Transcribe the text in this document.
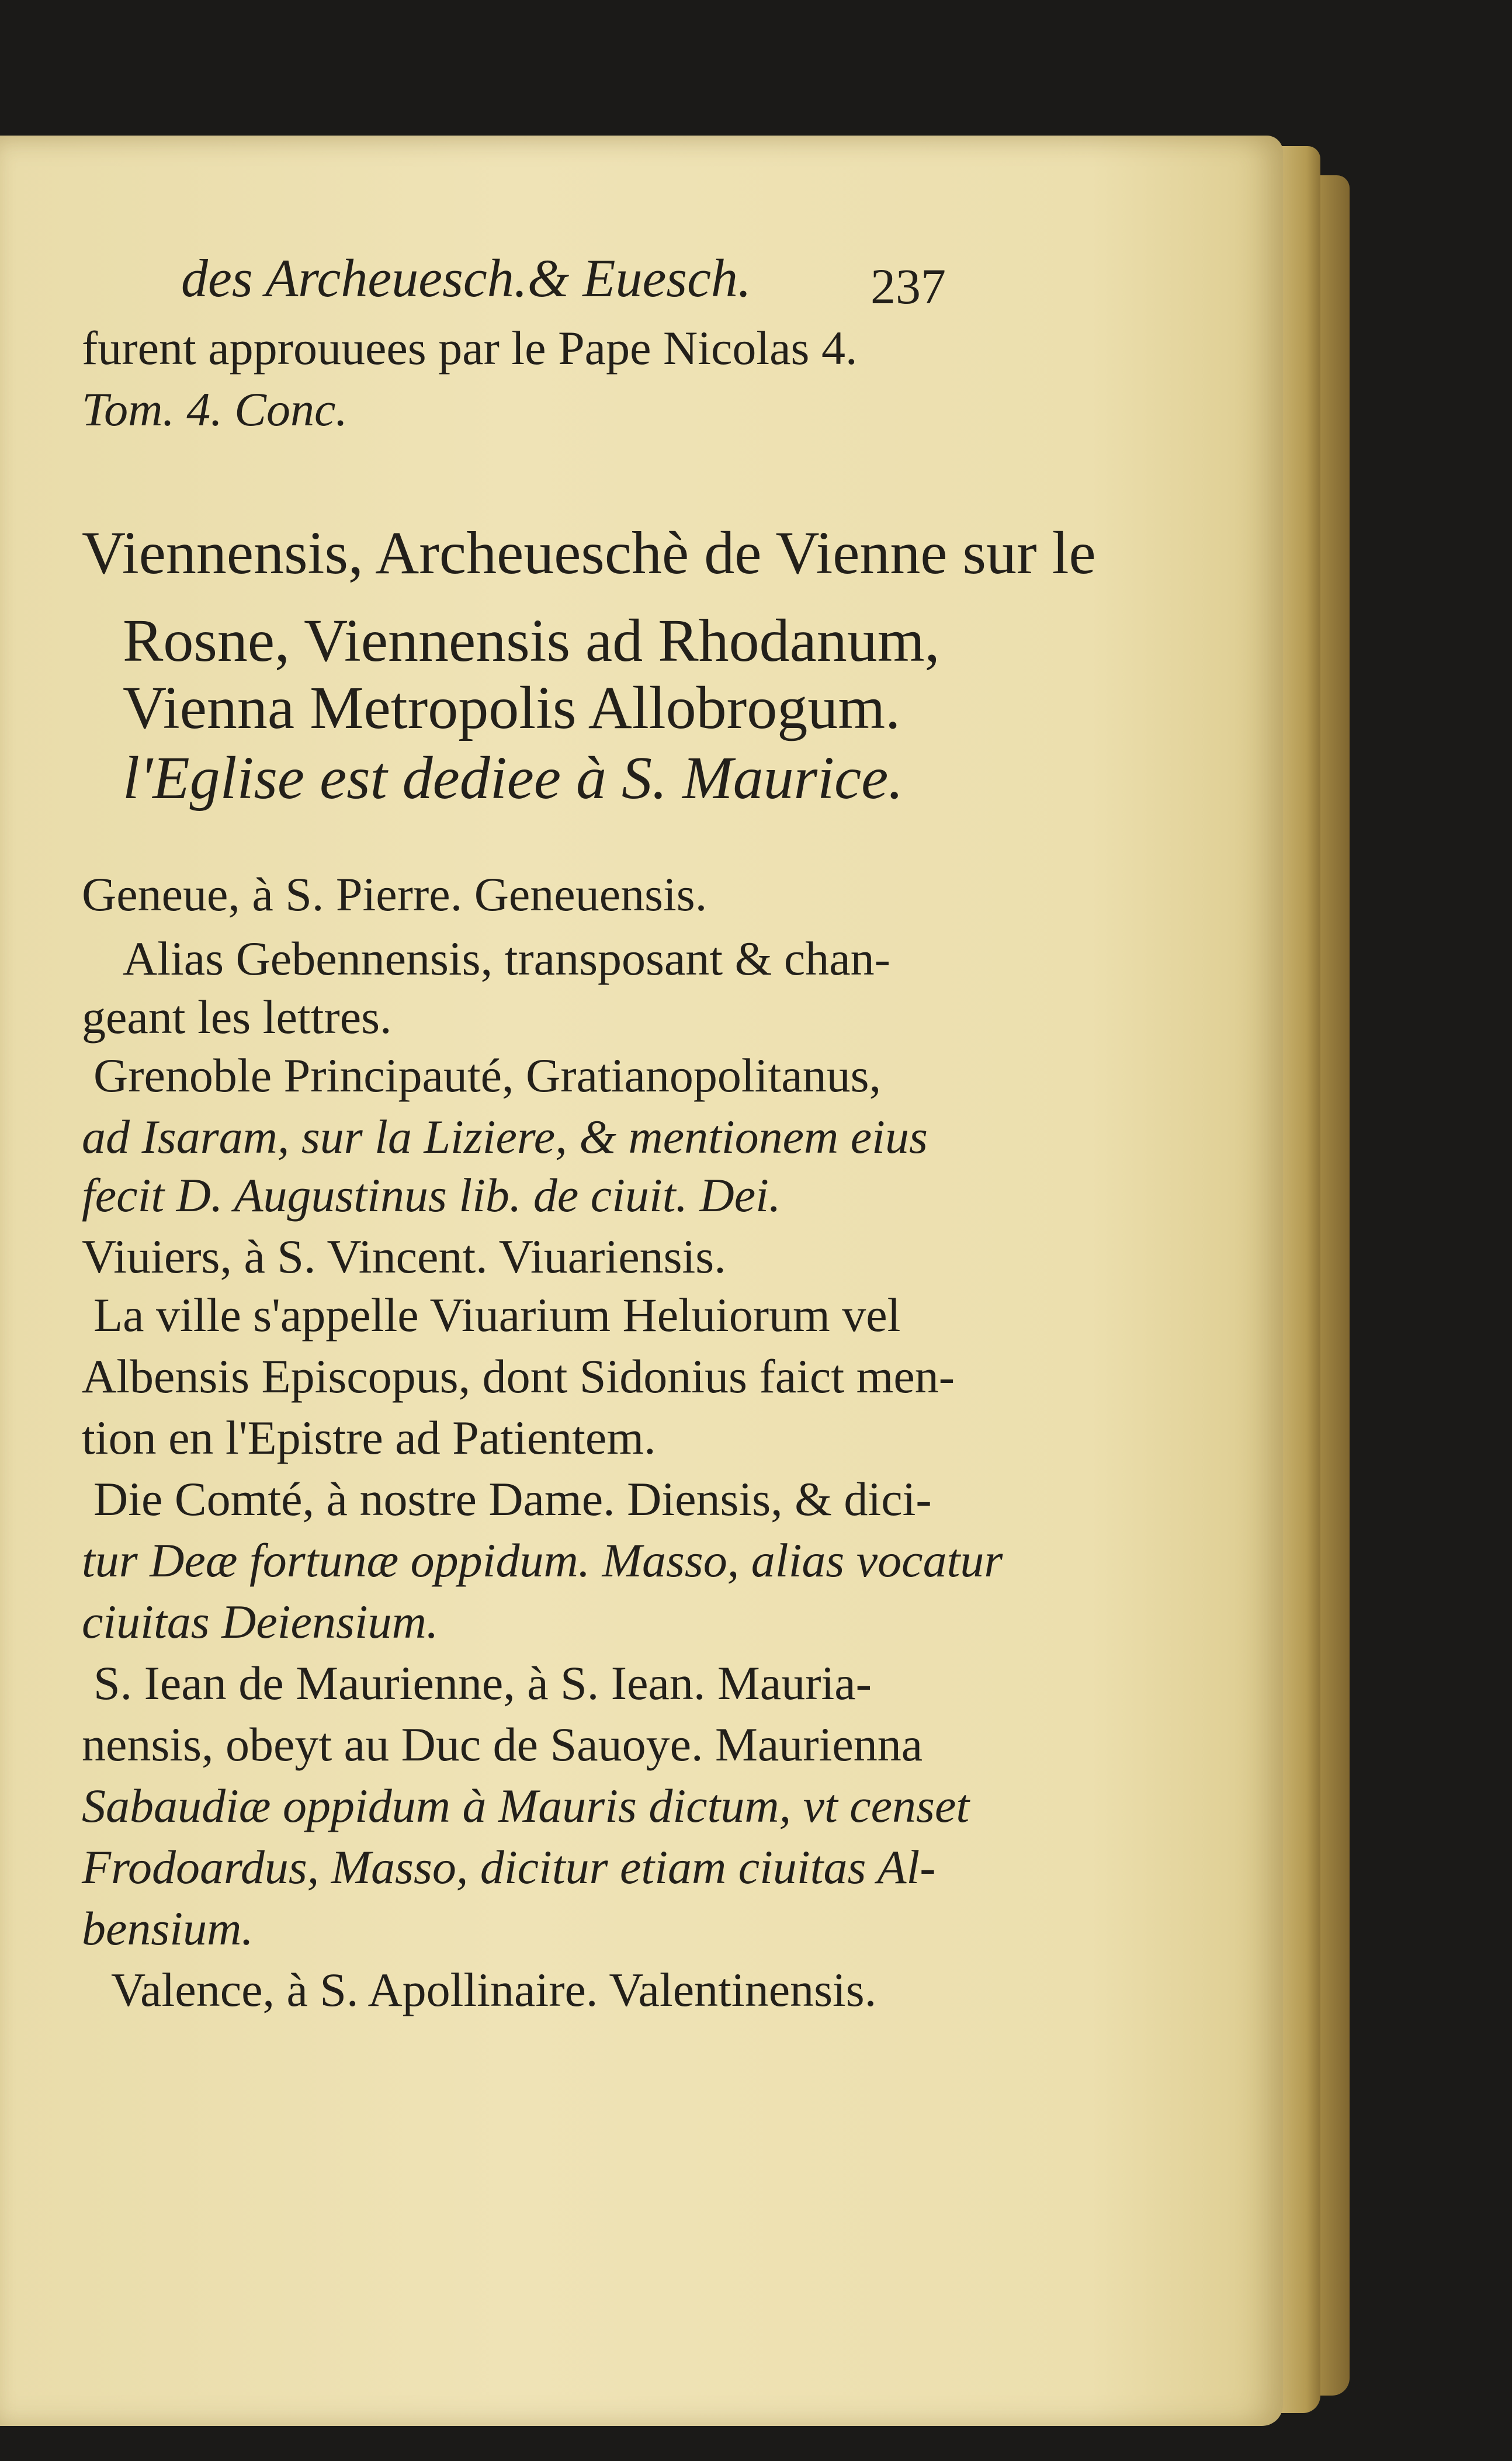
des Archeuesch.& Euesch.	237

furent approuuees par le Pape Nicolas 4.

Tom. 4. Conc.

Viennensis, Archeueschè de Vienne sur le

Rosne, Viennensis ad Rhodanum,

Vienna Metropolis Allobrogum.

l'Eglise est dediee à S. Maurice.

Geneue, à S. Pierre. Geneuensis.

Alias Gebennensis, transposant & chan-

geant les lettres.

Grenoble Principauté, Gratianopolitanus,

ad Isaram, sur la Liziere, & mentionem eius

fecit D. Augustinus lib. de ciuit. Dei.

Viuiers, à S. Vincent. Viuariensis.

La ville s'appelle Viuarium Heluiorum vel

Albensis Episcopus, dont Sidonius faict men-

tion en l'Epistre ad Patientem.

Die Comté, à nostre Dame. Diensis, & dici-

tur Deæ fortunæ oppidum. Masso, alias vocatur

ciuitas Deiensium.

S. Iean de Maurienne, à S. Iean. Mauria-

nensis, obeyt au Duc de Sauoye. Maurienna

Sabaudiæ oppidum à Mauris dictum, vt censet

Frodoardus, Masso, dicitur etiam ciuitas Al-

bensium.

Valence, à S. Apollinaire. Valentinensis.
